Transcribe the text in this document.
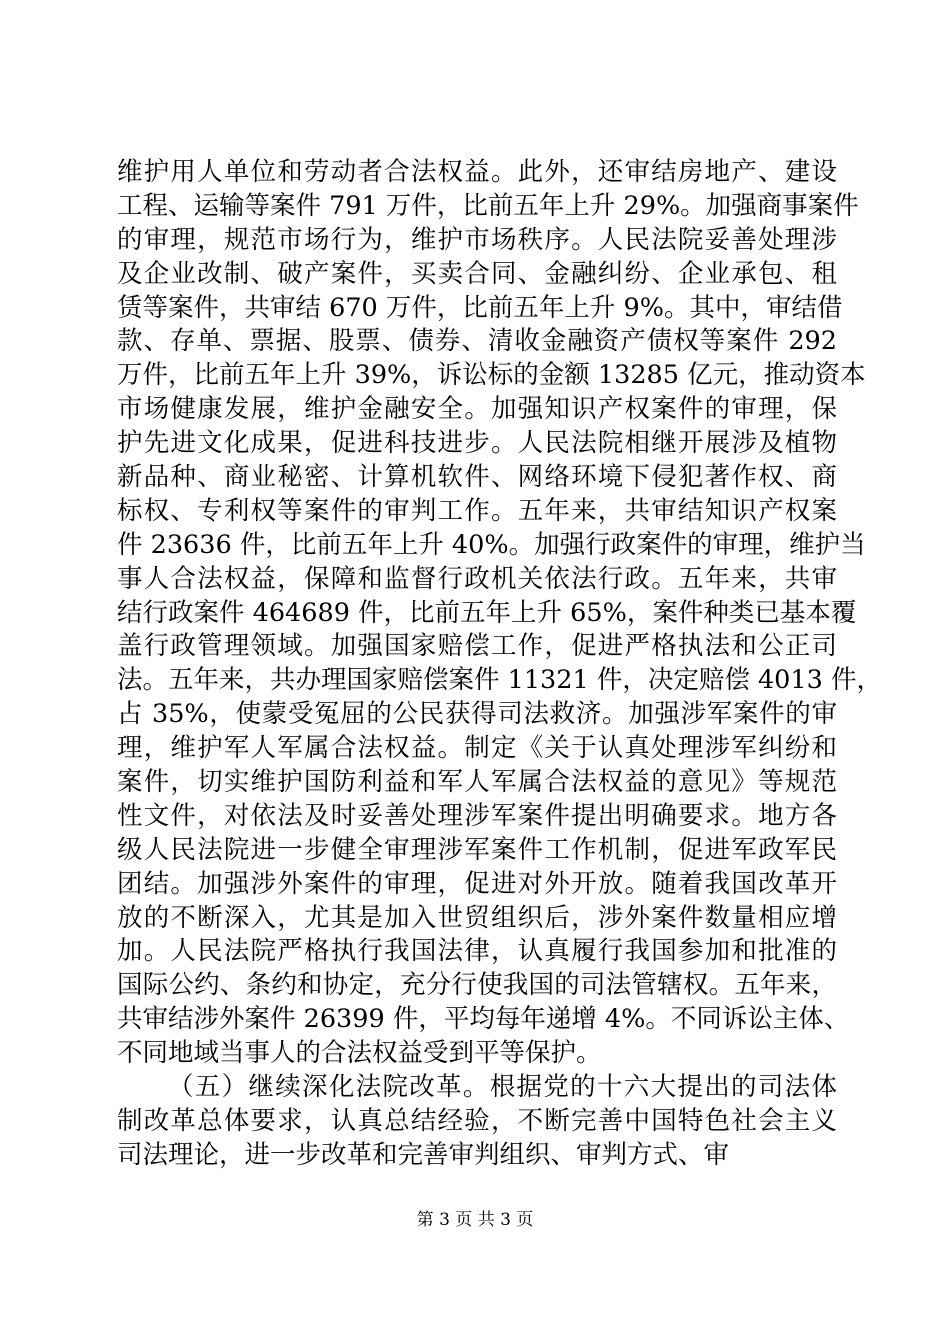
维护用人单位和劳动者合法权益。此外，还审结房地产、建设
工程、运输等案件 791 万件，比前五年上升 29%。加强商事案件
的审理，规范市场行为，维护市场秩序。人民法院妥善处理涉
及企业改制、破产案件，买卖合同、金融纠纷、企业承包、租
赁等案件，共审结 670 万件，比前五年上升 9%。其中，审结借
款、存单、票据、股票、债券、清收金融资产债权等案件 292
万件，比前五年上升 39%，诉讼标的金额 13285 亿元，推动资本
市场健康发展，维护金融安全。加强知识产权案件的审理，保
护先进文化成果，促进科技进步。人民法院相继开展涉及植物
新品种、商业秘密、计算机软件、网络环境下侵犯著作权、商
标权、专利权等案件的审判工作。五年来，共审结知识产权案
件 23636 件，比前五年上升 40%。加强行政案件的审理，维护当
事人合法权益，保障和监督行政机关依法行政。五年来，共审
结行政案件 464689 件，比前五年上升 65%，案件种类已基本覆
盖行政管理领域。加强国家赔偿工作，促进严格执法和公正司
法。五年来，共办理国家赔偿案件 11321 件，决定赔偿 4013 件，
占 35%，使蒙受冤屈的公民获得司法救济。加强涉军案件的审
理，维护军人军属合法权益。制定《关于认真处理涉军纠纷和
案件，切实维护国防利益和军人军属合法权益的意见》等规范
性文件，对依法及时妥善处理涉军案件提出明确要求。地方各
级人民法院进一步健全审理涉军案件工作机制，促进军政军民
团结。加强涉外案件的审理，促进对外开放。随着我国改革开
放的不断深入，尤其是加入世贸组织后，涉外案件数量相应增
加。人民法院严格执行我国法律，认真履行我国参加和批准的
国际公约、条约和协定，充分行使我国的司法管辖权。五年来，
共审结涉外案件 26399 件，平均每年递增 4%。不同诉讼主体、
不同地域当事人的合法权益受到平等保护。
（五）继续深化法院改革。根据党的十六大提出的司法体
制改革总体要求，认真总结经验，不断完善中国特色社会主义
司法理论，进一步改革和完善审判组织、审判方式、审
第 3 页 共 3 页
